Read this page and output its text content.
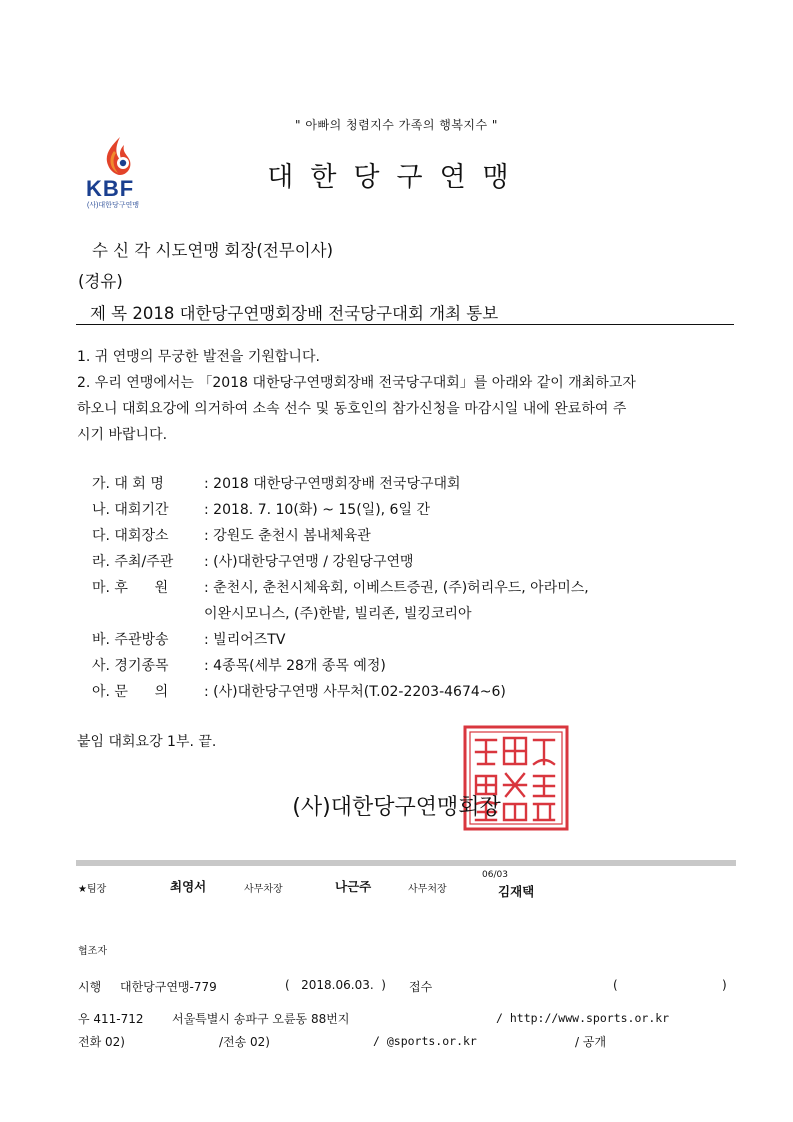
" 아빠의 청렴지수 가족의 행복지수 "
KBF
(사)대한당구연맹
대한당구연맹
수 신 각 시도연맹 회장(전무이사)
(경유)
제 목 2018 대한당구연맹회장배 전국당구대회 개최 통보
1. 귀 연맹의 무궁한 발전을 기원합니다.
2. 우리 연맹에서는 「2018 대한당구연맹회장배 전국당구대회」를 아래와 같이 개최하고자
하오니 대회요강에 의거하여 소속 선수 및 동호인의 참가신청을 마감시일 내에 완료하여 주
시기 바랍니다.
가. 대 회 명	: 2018 대한당구연맹회장배 전국당구대회
나. 대회기간	: 2018. 7. 10(화) ~ 15(일), 6일 간
다. 대회장소	: 강원도 춘천시 봄내체육관
라. 주최/주관 : (사)대한당구연맹 / 강원당구연맹
마. 후      원	: 춘천시, 춘천시체육회, 이베스트증권, (주)허리우드, 아라미스,
이완시모니스, (주)한밭, 빌리존, 빌킹코리아
바. 주관방송	: 빌리어즈TV
사. 경기종목	: 4종목(세부 28개 종목 예정)
아. 문      의	: (사)대한당구연맹 사무처(T.02-2203-4674~6)
붙임 대회요강 1부. 끝.
(사)대한당구연맹회장
★팀장	최영서	사무차장	나근주	사무처장
06/03
김재택
협조자
시행 대한당구연맹-779	(   2018.06.03.  ) 접수	(	)
우 411-712 서울특별시 송파구 오륜동 88번지	/ http://www.sports.or.kr
전화 02)	/전송 02)	/ @sports.or.kr	/ 공개
